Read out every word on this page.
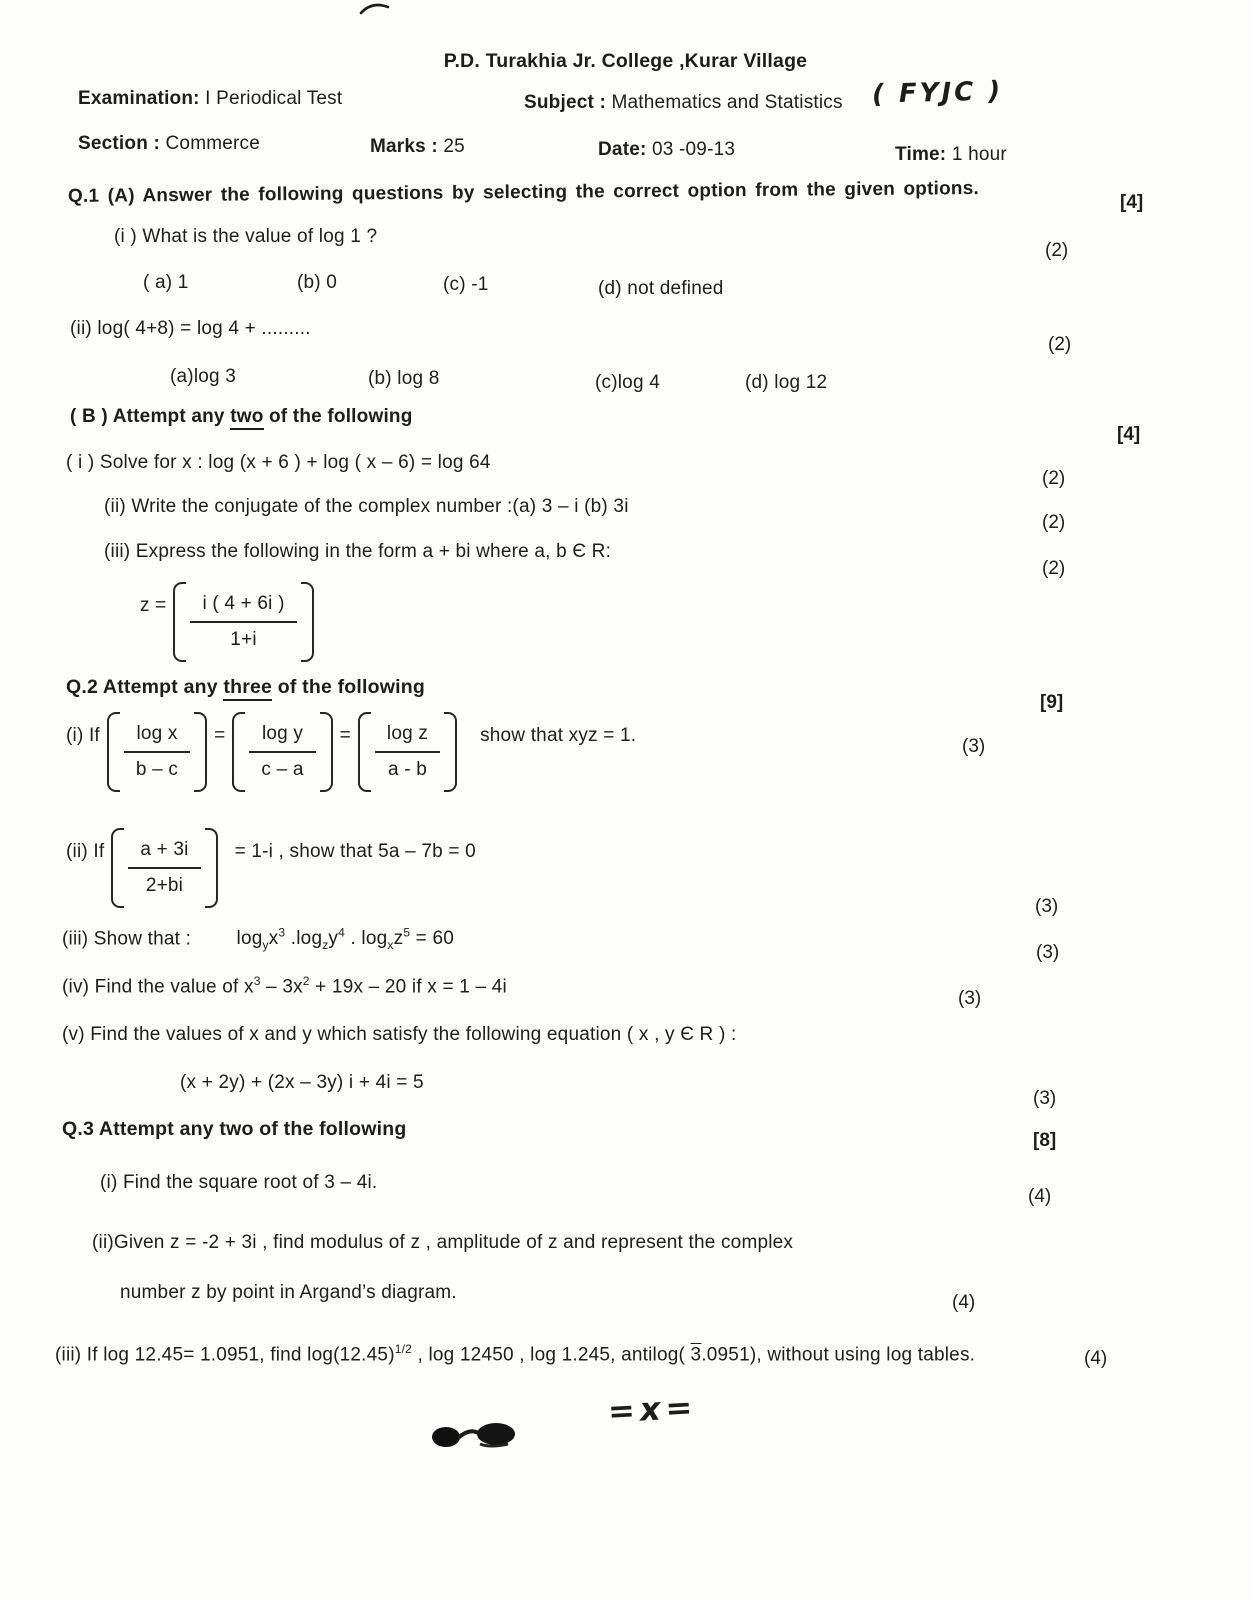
P.D. Turakhia Jr. College ,Kurar Village
Examination: I Periodical Test	Subject : Mathematics and Statistics ( FYJC )
Section : Commerce	Marks : 25	Date: 03 -09-13	Time: 1 hour
Q.1 (A) Answer the following questions by selecting the correct option from the given options.	[4]
(i ) What is the value of log 1 ?
(2)
( a) 1	(b) 0	(c) -1	(d) not defined
(ii) log( 4+8) = log 4 + .........
(2)
(a)log 3	(b) log 8	(c)log 4	(d) log 12
( B ) Attempt any two of the following
[4]
( i ) Solve for x : log (x + 6 ) + log ( x – 6) = log 64
(2)
(ii) Write the conjugate of the complex number :(a) 3 – i (b) 3i
(2)
(iii) Express the following in the form a + bi where a, b Є R:
(2)
$z = \frac{i ( 4 + 6i )}{1+i}$
Q.2 Attempt any three of the following
[9]
(i) If $\frac{\text{log x}}{b - c} = \frac{\text{log y}}{c - a} = \frac{\text{log z}}{a - b}$ show that xyz = 1.
(3)
(ii) If $\frac{a + 3i}{2+bi} = 1-i$ , show that 5a – 7b = 0
(3)
(iii) Show that : $\log_yx^3$ $.\log_zy^4$ . $\log_xz^5 = 60$
(3)
(iv) Find the value of $x^3 - 3x^2 + 19x - 20$ if x = 1 – 4i
(3)
(v) Find the values of x and y which satisfy the following equation ( x , y Є R ) :
(x + 2y) + (2x – 3y) i + 4i = 5
(3)
Q.3 Attempt any two of the following
[8]
(i) Find the square root of 3 – 4i.
(4)
(ii)Given z = -2 + 3i , find modulus of z , amplitude of z and represent the complex
number z by point in Argand’s diagram.	(4)
(iii) If log 12.45= 1.0951, find $\log(12.45)^{1/2}$ , log 12450 , log 1.245, antilog( 3.0951), without using log tables.	(4)
=x=
